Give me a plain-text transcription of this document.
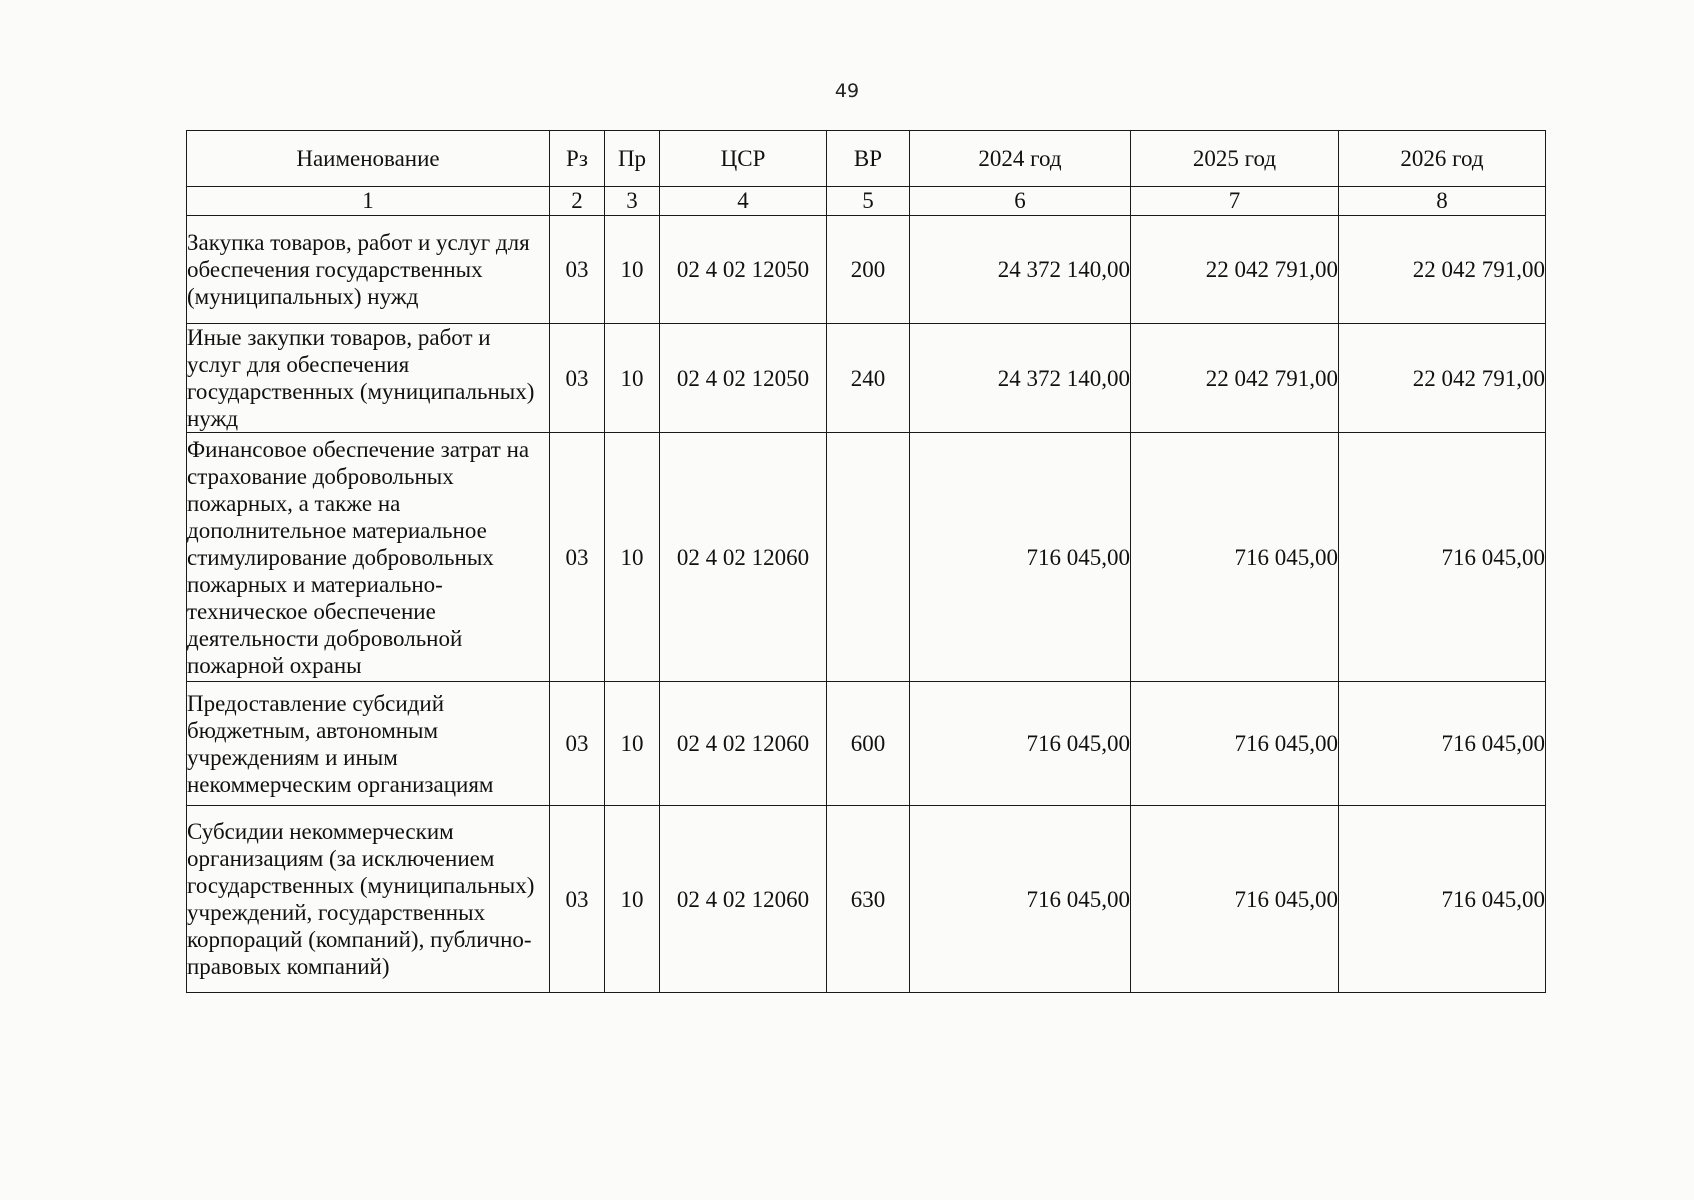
49
Наименование	Рз	Пр	ЦСР	ВР	2024 год	2025 год	2026 год
1	2	3	4	5	6	7	8
Закупка товаров, работ и услуг для обеспечения государственных (муниципальных) нужд	03	10	02 4 02 12050	200	24 372 140,00	22 042 791,00	22 042 791,00
Иные закупки товаров, работ и услуг для обеспечения государственных (муниципальных) нужд	03	10	02 4 02 12050	240	24 372 140,00	22 042 791,00	22 042 791,00
Финансовое обеспечение затрат на страхование добровольных пожарных, а также на дополнительное материальное стимулирование добровольных пожарных и материально-техническое обеспечение деятельности добровольной пожарной охраны	03	10	02 4 02 12060		716 045,00	716 045,00	716 045,00
Предоставление субсидий бюджетным, автономным учреждениям и иным некоммерческим организациям	03	10	02 4 02 12060	600	716 045,00	716 045,00	716 045,00
Субсидии некоммерческим организациям (за исключением государственных (муниципальных) учреждений, государственных корпораций (компаний), публично-правовых компаний)	03	10	02 4 02 12060	630	716 045,00	716 045,00	716 045,00
